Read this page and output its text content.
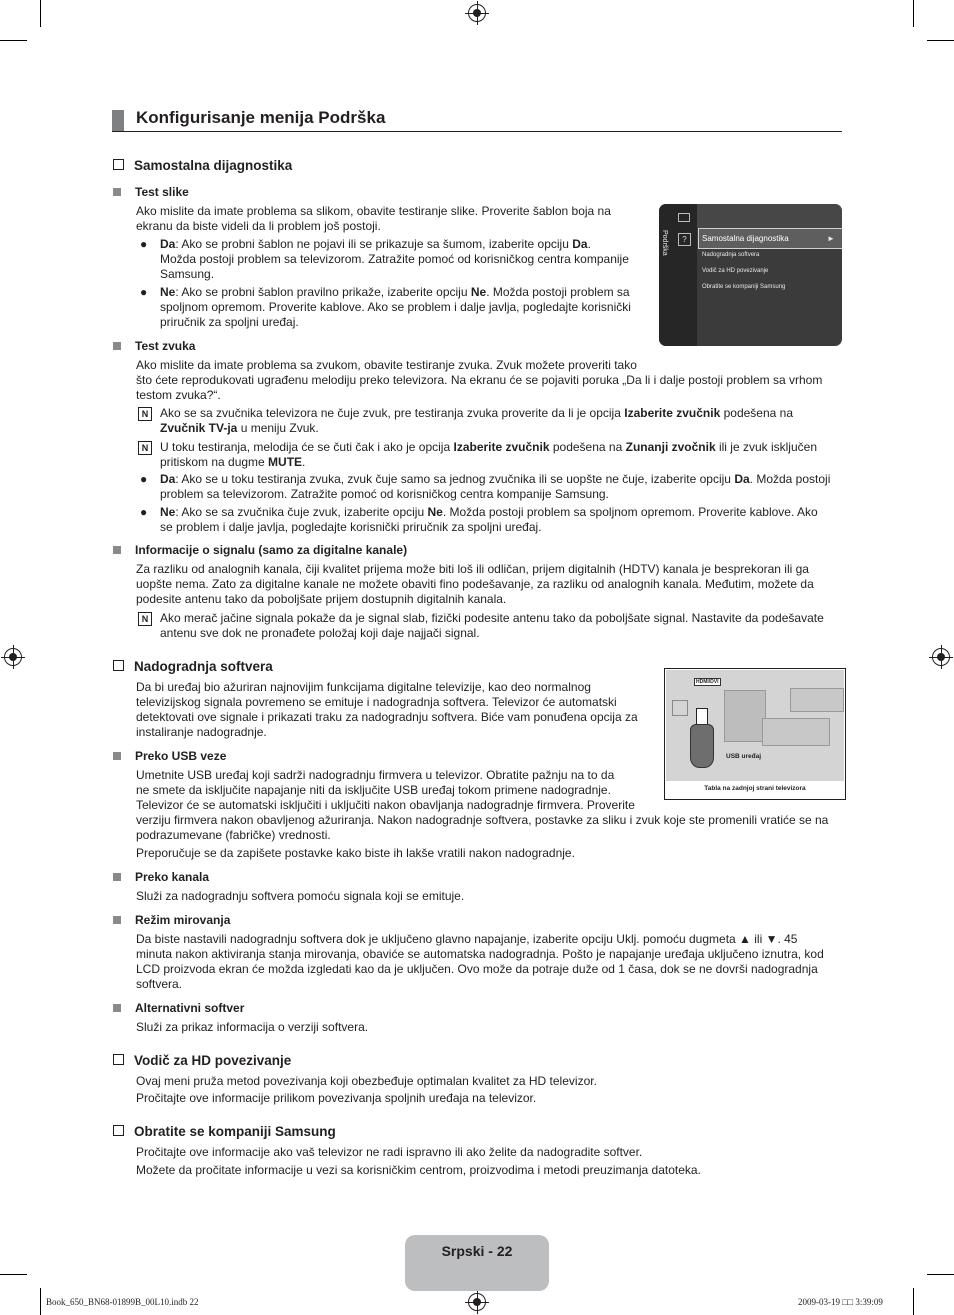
Konfigurisanje menija Podrška
Samostalna dijagnostika
Test slike
Ako mislite da imate problema sa slikom, obavite testiranje slike. Proverite šablon boja na
ekranu da biste videli da li problem još postoji.
● Da: Ako se probni šablon ne pojavi ili se prikazuje sa šumom, izaberite opciju Da.
Možda postoji problem sa televizorom. Zatražite pomoć od korisničkog centra kompanije
Samsung.
● Ne: Ako se probni šablon pravilno prikaže, izaberite opciju Ne. Možda postoji problem sa
spoljnom opremom. Proverite kablove. Ako se problem i dalje javlja, pogledajte korisnički
priručnik za spoljni uređaj.
?
Podrška	Samostalna dijagnostika	►
Nadogradnja softvera
Vodič za HD povezivanje
Obratite se kompaniji Samsung
Test zvuka
Ako mislite da imate problema sa zvukom, obavite testiranje zvuka. Zvuk možete proveriti tako
što ćete reprodukovati ugrađenu melodiju preko televizora. Na ekranu će se pojaviti poruka „Da li i dalje postoji problem sa vrhom
testom zvuka?“.
N Ako se sa zvučnika televizora ne čuje zvuk, pre testiranja zvuka proverite da li je opcija Izaberite zvučnik podešena na
Zvučnik TV-ja u meniju Zvuk.
N U toku testiranja, melodija će se čuti čak i ako je opcija Izaberite zvučnik podešena na Zunanji zvočnik ili je zvuk isključen
pritiskom na dugme MUTE.
● Da: Ako se u toku testiranja zvuka, zvuk čuje samo sa jednog zvučnika ili se uopšte ne čuje, izaberite opciju Da. Možda postoji
problem sa televizorom. Zatražite pomoć od korisničkog centra kompanije Samsung.
● Ne: Ako se sa zvučnika čuje zvuk, izaberite opciju Ne. Možda postoji problem sa spoljnom opremom. Proverite kablove. Ako
se problem i dalje javlja, pogledajte korisnički priručnik za spoljni uređaj.
Informacije o signalu (samo za digitalne kanale)
Za razliku od analognih kanala, čiji kvalitet prijema može biti loš ili odličan, prijem digitalnih (HDTV) kanala je besprekoran ili ga
uopšte nema. Zato za digitalne kanale ne možete obaviti fino podešavanje, za razliku od analognih kanala. Međutim, možete da
podesite antenu tako da poboljšate prijem dostupnih digitalnih kanala.
N Ako merač jačine signala pokaže da je signal slab, fizički podesite antenu tako da poboljšate signal. Nastavite da podešavate
antenu sve dok ne pronađete položaj koji daje najjači signal.
Nadogradnja softvera
Da bi uređaj bio ažuriran najnovijim funkcijama digitalne televizije, kao deo normalnog
televizijskog signala povremeno se emituje i nadogradnja softvera. Televizor će automatski
detektovati ove signale i prikazati traku za nadogradnju softvera. Biće vam ponuđena opcija za
instaliranje nadogradnje.
HDMI/DVI
USB uređaj
Tabla na zadnjoj strani televizora
Preko USB veze
Umetnite USB uređaj koji sadrži nadogradnju firmvera u televizor. Obratite pažnju na to da
ne smete da isključite napajanje niti da isključite USB uređaj tokom primene nadogradnje.
Televizor će se automatski isključiti i uključiti nakon obavljanja nadogradnje firmvera. Proverite
verziju firmvera nakon obavljenog ažuriranja. Nakon nadogradnje softvera, postavke za sliku i zvuk koje ste promenili vratiće se na
podrazumevane (fabričke) vrednosti.
Preporučuje se da zapišete postavke kako biste ih lakše vratili nakon nadogradnje.
Preko kanala
Služi za nadogradnju softvera pomoću signala koji se emituje.
Režim mirovanja
Da biste nastavili nadogradnju softvera dok je uključeno glavno napajanje, izaberite opciju Uklj. pomoću dugmeta ▲ ili ▼. 45
minuta nakon aktiviranja stanja mirovanja, obaviće se automatska nadogradnja. Pošto je napajanje uređaja uključeno iznutra, kod
LCD proizvoda ekran će možda izgledati kao da je uključen. Ovo može da potraje duže od 1 časa, dok se ne dovrši nadogradnja
softvera.
Alternativni softver
Služi za prikaz informacija o verziji softvera.
Vodič za HD povezivanje
Ovaj meni pruža metod povezivanja koji obezbeđuje optimalan kvalitet za HD televizor.
Pročitajte ove informacije prilikom povezivanja spoljnih uređaja na televizor.
Obratite se kompaniji Samsung
Pročitajte ove informacije ako vaš televizor ne radi ispravno ili ako želite da nadogradite softver.
Možete da pročitate informacije u vezi sa korisničkim centrom, proizvodima i metodi preuzimanja datoteka.
Srpski - 22
Book_650_BN68-01899B_00L10.indb 22	2009-03-19 □□ 3:39:09
